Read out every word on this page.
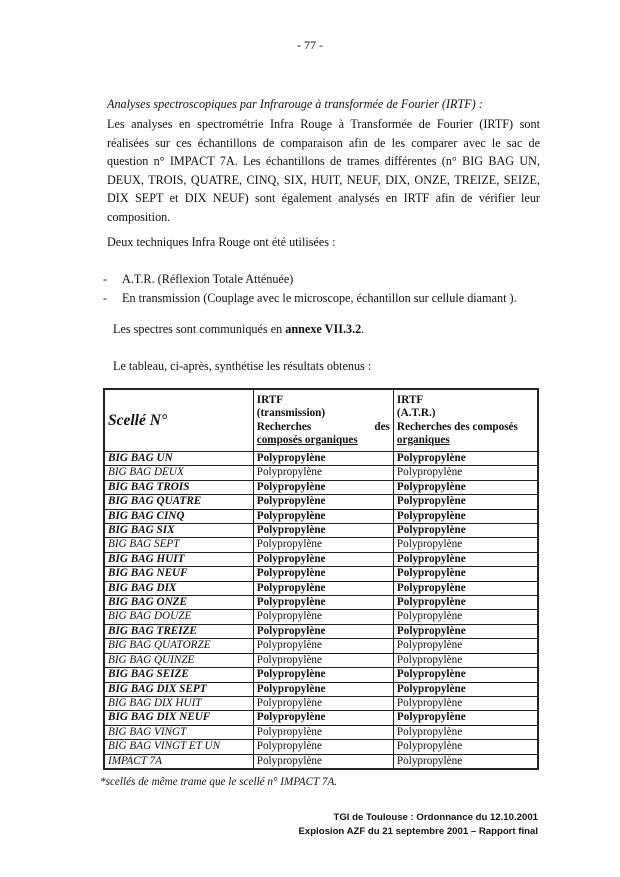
- 77 -
Analyses spectroscopiques par Infrarouge à transformée de Fourier (IRTF) :
Les analyses en spectrométrie Infra Rouge à Transformée de Fourier (IRTF) sont réalisées sur ces échantillons de comparaison afin de les comparer avec le sac de question n° IMPACT 7A. Les échantillons de trames différentes (n° BIG BAG UN, DEUX, TROIS, QUATRE, CINQ, SIX, HUIT, NEUF, DIX, ONZE, TREIZE, SEIZE, DIX SEPT et DIX NEUF) sont également analysés en IRTF afin de vérifier leur composition.
Deux techniques Infra Rouge ont été utilisées :
- A.T.R. (Réflexion Totale Atténuée)
- En transmission (Couplage avec le microscope, échantillon sur cellule diamant ).
Les spectres sont communiqués en annexe VII.3.2.
Le tableau, ci-après, synthétise les résultats obtenus :
Scellé N°	IRTF
(transmission)
Recherches des
composés organiques	IRTF
(A.T.R.)
Recherches des composés
organiques

BIG BAG UN	Polypropylène	Polypropylène
BIG BAG DEUX	Polypropylène	Polypropylène
BIG BAG TROIS	Polypropylène	Polypropylène
BIG BAG QUATRE	Polypropylène	Polypropylène
BIG BAG CINQ	Polypropylène	Polypropylène
BIG BAG SIX	Polypropylène	Polypropylène
BIG BAG SEPT	Polypropylène	Polypropylène
BIG BAG HUIT	Polypropylène	Polypropylène
BIG BAG NEUF	Polypropylène	Polypropylène
BIG BAG DIX	Polypropylène	Polypropylène
BIG BAG ONZE	Polypropylène	Polypropylène
BIG BAG DOUZE	Polypropylène	Polypropylène
BIG BAG TREIZE	Polypropylène	Polypropylène
BIG BAG QUATORZE	Polypropylène	Polypropylène
BIG BAG QUINZE	Polypropylène	Polypropylène
BIG BAG SEIZE	Polypropylène	Polypropylène
BIG BAG DIX SEPT	Polypropylène	Polypropylène
BIG BAG DIX HUIT	Polypropylène	Polypropylène
BIG BAG DIX NEUF	Polypropylène	Polypropylène
BIG BAG VINGT	Polypropylène	Polypropylène
BIG BAG VINGT ET UN	Polypropylène	Polypropylène
IMPACT 7A	Polypropylène	Polypropylène
*scellés de même trame que le scellé n° IMPACT 7A.
TGI de Toulouse : Ordonnance du 12.10.2001
Explosion AZF du 21 septembre 2001 – Rapport final
